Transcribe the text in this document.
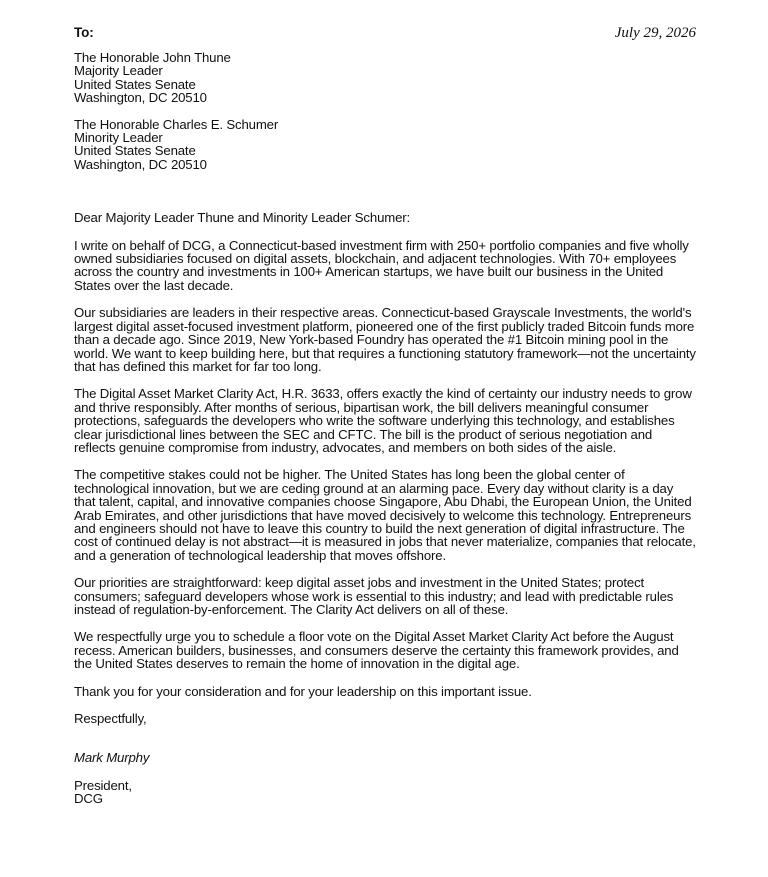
To:	July 29, 2026
The Honorable John Thune
Majority Leader
United States Senate
Washington, DC 20510
The Honorable Charles E. Schumer
Minority Leader
United States Senate
Washington, DC 20510

Dear Majority Leader Thune and Minority Leader Schumer:

I write on behalf of DCG, a Connecticut-based investment firm with 250+ portfolio companies and five wholly owned subsidiaries focused on digital assets, blockchain, and adjacent technologies. With 70+ employees across the country and investments in 100+ American startups, we have built our business in the United States over the last decade.

Our subsidiaries are leaders in their respective areas. Connecticut-based Grayscale Investments, the world's largest digital asset-focused investment platform, pioneered one of the first publicly traded Bitcoin funds more than a decade ago. Since 2019, New York-based Foundry has operated the #1 Bitcoin mining pool in the world. We want to keep building here, but that requires a functioning statutory framework—not the uncertainty that has defined this market for far too long.

The Digital Asset Market Clarity Act, H.R. 3633, offers exactly the kind of certainty our industry needs to grow and thrive responsibly. After months of serious, bipartisan work, the bill delivers meaningful consumer protections, safeguards the developers who write the software underlying this technology, and establishes clear jurisdictional lines between the SEC and CFTC. The bill is the product of serious negotiation and reflects genuine compromise from industry, advocates, and members on both sides of the aisle.

The competitive stakes could not be higher. The United States has long been the global center of technological innovation, but we are ceding ground at an alarming pace. Every day without clarity is a day that talent, capital, and innovative companies choose Singapore, Abu Dhabi, the European Union, the United Arab Emirates, and other jurisdictions that have moved decisively to welcome this technology. Entrepreneurs and engineers should not have to leave this country to build the next generation of digital infrastructure. The cost of continued delay is not abstract—it is measured in jobs that never materialize, companies that relocate, and a generation of technological leadership that moves offshore.

Our priorities are straightforward: keep digital asset jobs and investment in the United States; protect consumers; safeguard developers whose work is essential to this industry; and lead with predictable rules instead of regulation-by-enforcement. The Clarity Act delivers on all of these.

We respectfully urge you to schedule a floor vote on the Digital Asset Market Clarity Act before the August recess. American builders, businesses, and consumers deserve the certainty this framework provides, and the United States deserves to remain the home of innovation in the digital age.

Thank you for your consideration and for your leadership on this important issue.

Respectfully,

Mark Murphy

President,
DCG
